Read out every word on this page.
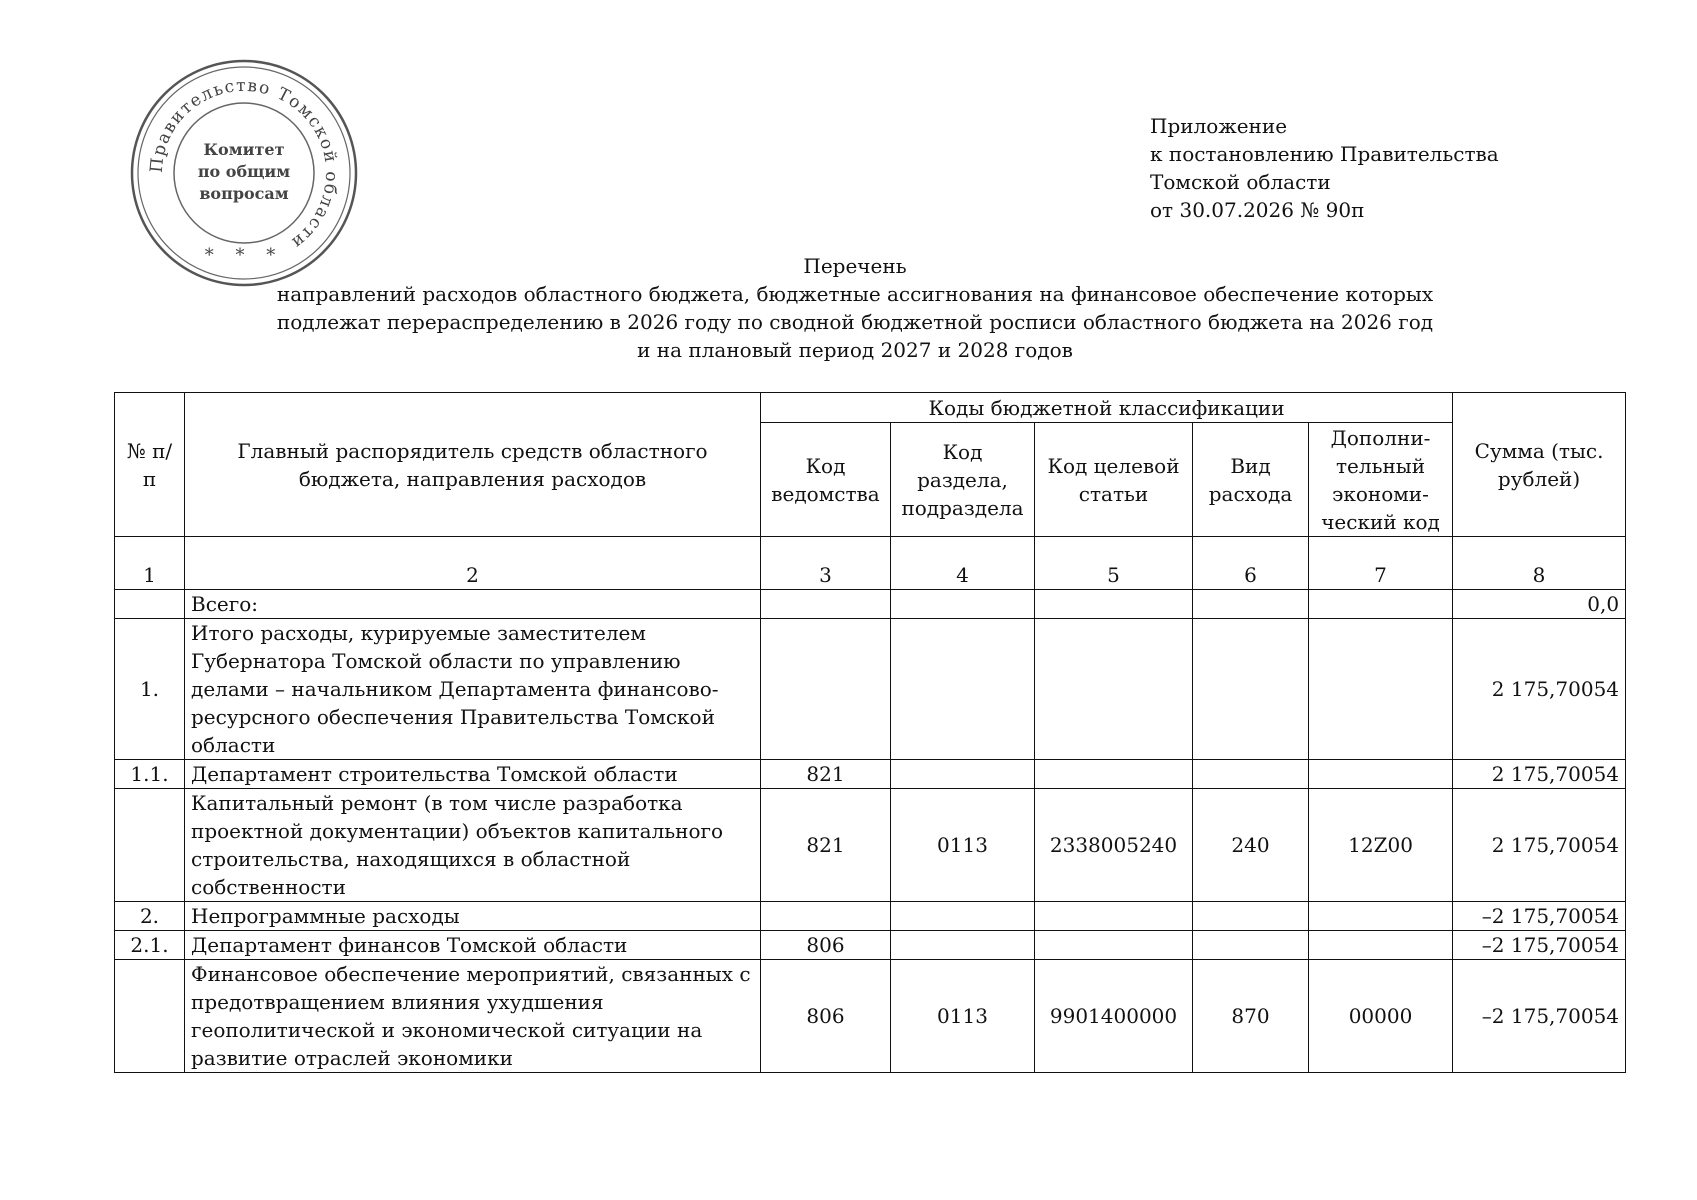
Правительство Томской области
Комитет
по общим
вопросам
* * *
Приложение
к постановлению Правительства
Томской области
от 30.07.2026 № 90п
Перечень
направлений расходов областного бюджета, бюджетные ассигнования на финансовое обеспечение которых
подлежат перераспределению в 2026 году по сводной бюджетной росписи областного бюджета на 2026 год
и на плановый период 2027 и 2028 годов
№ п/п	Главный распорядитель средств областного бюджета, направления расходов	Коды бюджетной классификации					Сумма (тыс. рублей)
		Код ведомства	Код раздела, подраздела	Код целевой статьи	Вид расхода	Дополни-тельный экономи-ческий код	
1	2	3	4	5	6	7	8
	Всего:						0,0
1.	Итого расходы, курируемые заместителем Губернатора Томской области по управлению делами – начальником Департамента финансово-ресурсного обеспечения Правительства Томской области						2 175,70054
1.1.	Департамент строительства Томской области	821					2 175,70054
	Капитальный ремонт (в том числе разработка проектной документации) объектов капитального строительства, находящихся в областной собственности	821	0113	2338005240	240	12Z00	2 175,70054
2.	Непрограммные расходы						–2 175,70054
2.1.	Департамент финансов Томской области	806					–2 175,70054
	Финансовое обеспечение мероприятий, связанных с предотвращением влияния ухудшения геополитической и экономической ситуации на развитие отраслей экономики	806	0113	9901400000	870	00000	–2 175,70054
